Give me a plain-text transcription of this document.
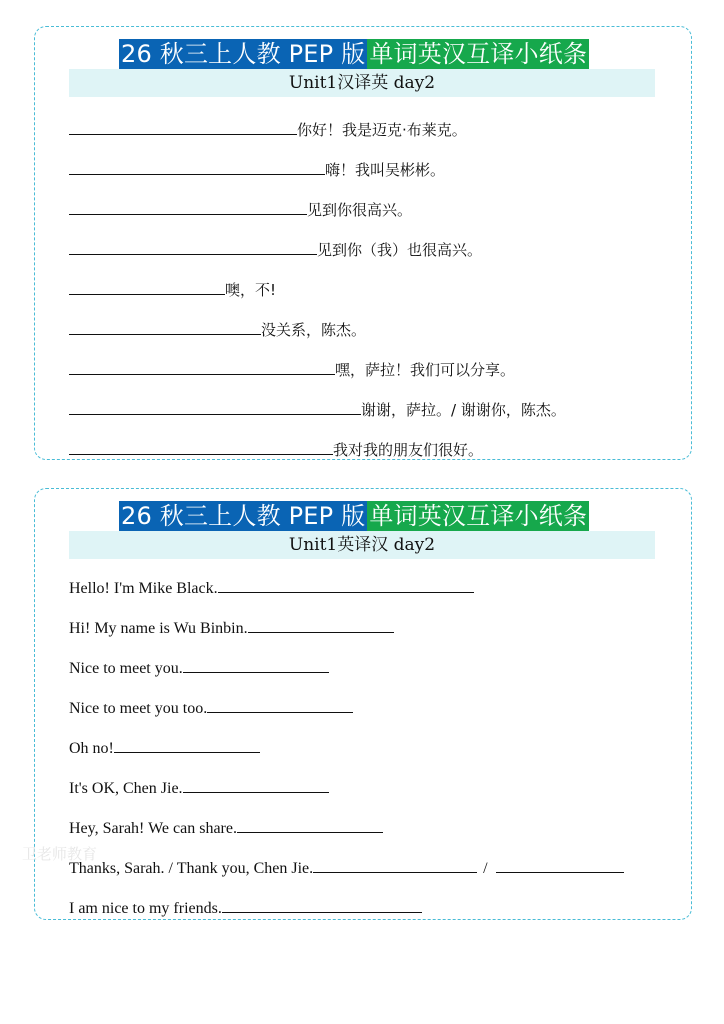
26 秋三上人教 PEP 版 单词英汉互译小纸条
Unit1汉译英 day2
你好！我是迈克·布莱克。
嗨！我叫吴彬彬。
见到你很高兴。
见到你（我）也很高兴。
噢，不!
没关系，陈杰。
嘿，萨拉！我们可以分享。
谢谢，萨拉。/ 谢谢你，陈杰。
我对我的朋友们很好。
26 秋三上人教 PEP 版 单词英汉互译小纸条
Unit1英译汉 day2
Hello! I'm Mike Black.
Hi! My name is Wu Binbin.
Nice to meet you.
Nice to meet you too.
Oh no!
It's OK, Chen Jie.
Hey, Sarah! We can share.
Thanks, Sarah. / Thank you, Chen Jie.	/
I am nice to my friends.
卫老师教育
